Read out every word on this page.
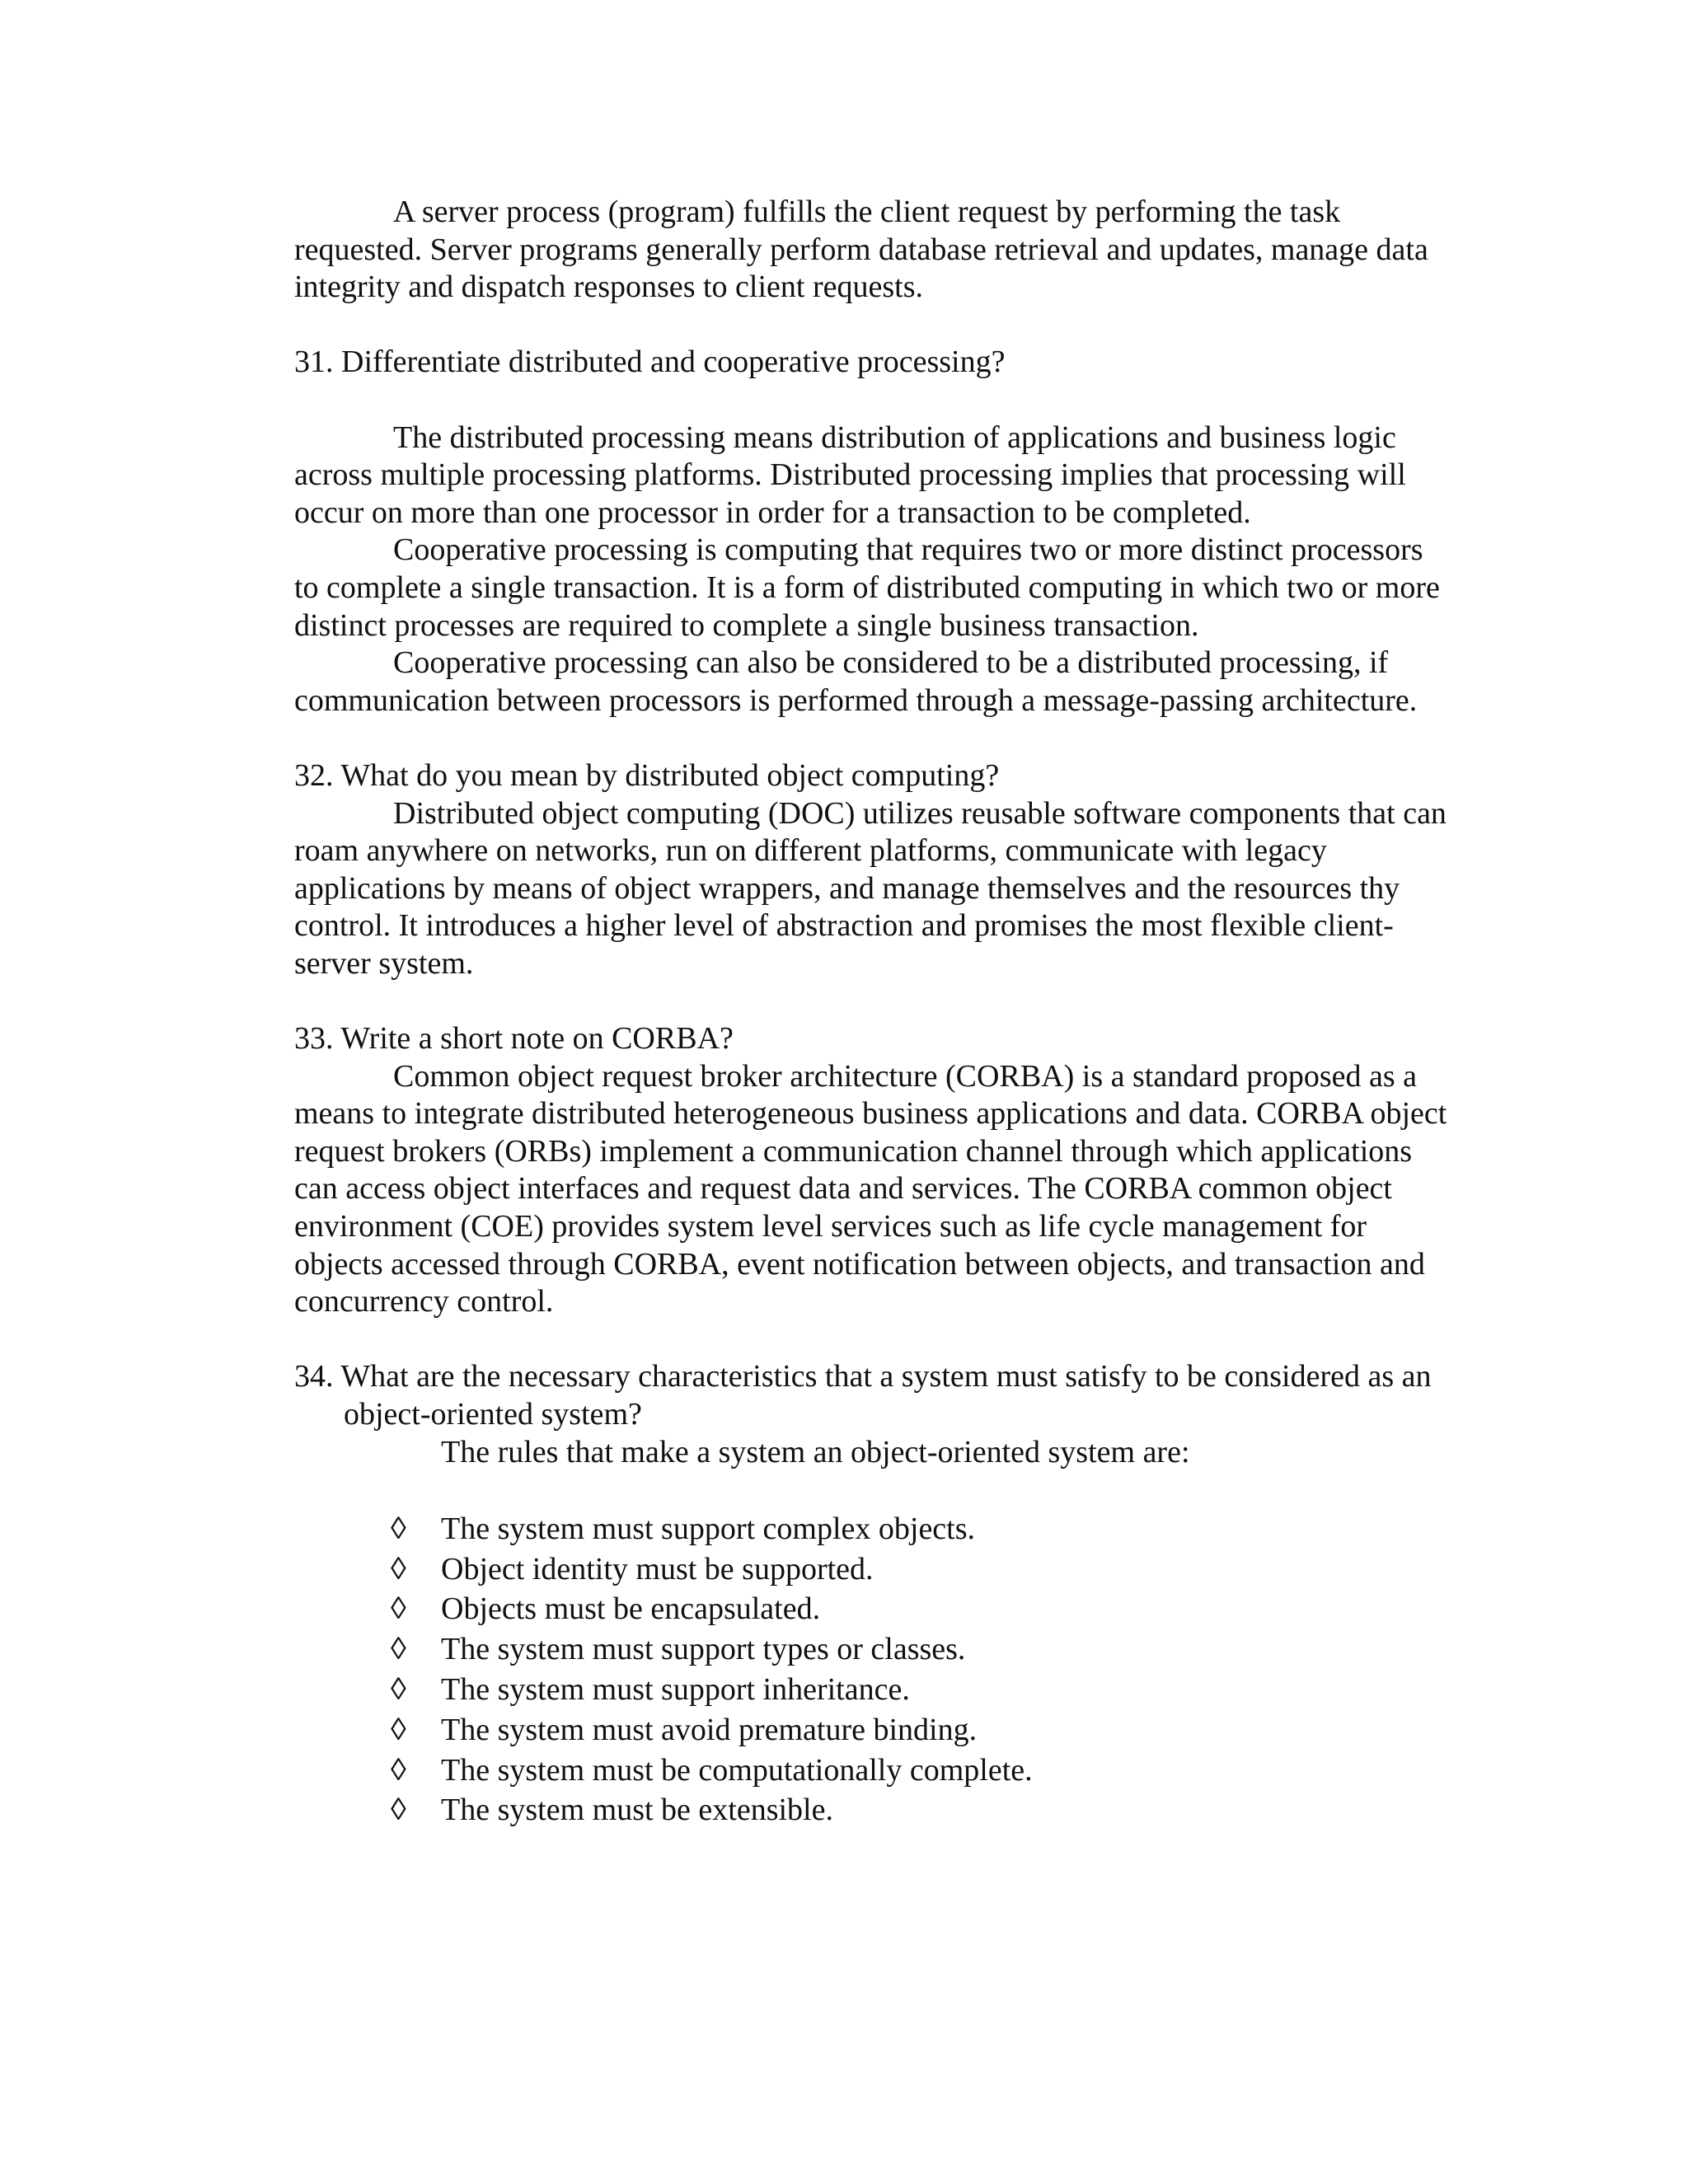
A server process (program) fulfills the client request by performing the task requested. Server programs generally perform database retrieval and updates, manage data integrity and dispatch responses to client requests.

31. Differentiate distributed and cooperative processing?

The distributed processing means distribution of applications and business logic across multiple processing platforms. Distributed processing implies that processing will occur on more than one processor in order for a transaction to be completed.

Cooperative processing is computing that requires two or more distinct processors to complete a single transaction. It is a form of distributed computing in which two or more distinct processes are required to complete a single business transaction.

Cooperative processing can also be considered to be a distributed processing, if communication between processors is performed through a message-passing architecture.

32. What do you mean by distributed object computing?

Distributed object computing (DOC) utilizes reusable software components that can roam anywhere on networks, run on different platforms, communicate with legacy applications by means of object wrappers, and manage themselves and the resources thy control. It introduces a higher level of abstraction and promises the most flexible client-server system.

33. Write a short note on CORBA?

Common object request broker architecture (CORBA) is a standard proposed as a means to integrate distributed heterogeneous business applications and data. CORBA object request brokers (ORBs) implement a communication channel through which applications can access object interfaces and request data and services. The CORBA common object environment (COE) provides system level services such as life cycle management for objects accessed through CORBA, event notification between objects, and transaction and concurrency control.

34. What are the necessary characteristics that a system must satisfy to be considered as an object-oriented system?

The rules that make a system an object-oriented system are:

◊ The system must support complex objects.
◊ Object identity must be supported.
◊ Objects must be encapsulated.
◊ The system must support types or classes.
◊ The system must support inheritance.
◊ The system must avoid premature binding.
◊ The system must be computationally complete.
◊ The system must be extensible.
